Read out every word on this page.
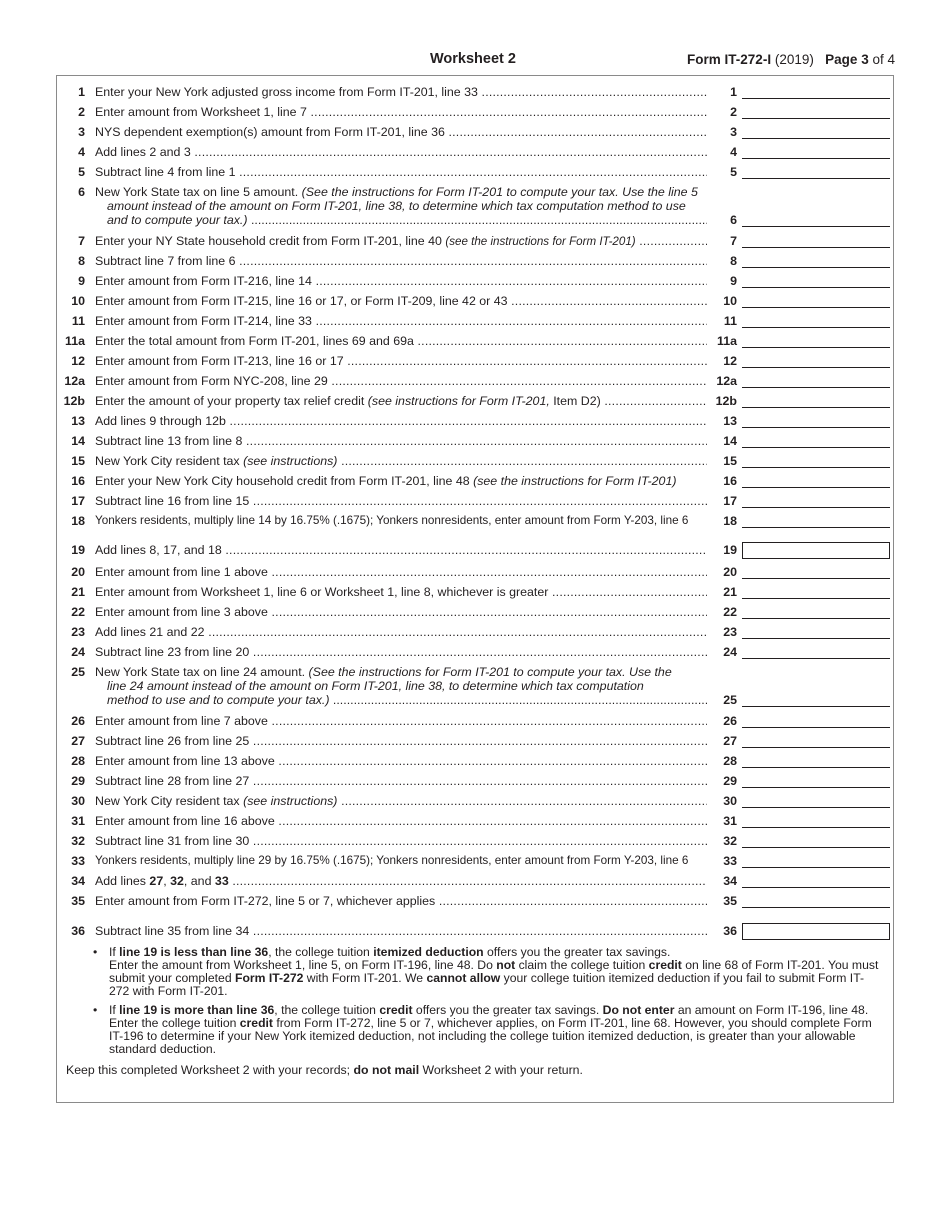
Worksheet 2	Form IT-272-I (2019) Page 3 of 4
1 Enter your New York adjusted gross income from Form IT-201, line 33 .....	1
2 Enter amount from Worksheet 1, line 7 .....	2
3 NYS dependent exemption(s) amount from Form IT-201, line 36 .....	3
4 Add lines 2 and 3 .....	4
5 Subtract line 4 from line 1 .....	5
6 New York State tax on line 5 amount. (See the instructions for Form IT-201 to compute your tax. Use the line 5
amount instead of the amount on Form IT-201, line 38, to determine which tax computation method to use
and to compute your tax.) .....	6
7 Enter your NY State household credit from Form IT-201, line 40 (see the instructions for Form IT-201) .....	7
8 Subtract line 7 from line 6 .....	8
9 Enter amount from Form IT-216, line 14 .....	9
10 Enter amount from Form IT-215, line 16 or 17, or Form IT-209, line 42 or 43 .....	10
11 Enter amount from Form IT-214, line 33 .....	11
11a Enter the total amount from Form IT-201, lines 69 and 69a .....	11a
12 Enter amount from Form IT-213, line 16 or 17 .....	12
12a Enter amount from Form NYC-208, line 29 .....	12a
12b Enter the amount of your property tax relief credit (see instructions for Form IT-201, Item D2) .....	12b
13 Add lines 9 through 12b .....	13
14 Subtract line 13 from line 8 .....	14
15 New York City resident tax (see instructions) .....	15
16 Enter your New York City household credit from Form IT-201, line 48 (see the instructions for Form IT-201)	16
17 Subtract line 16 from line 15 .....	17
18 Yonkers residents, multiply line 14 by 16.75% (.1675); Yonkers nonresidents, enter amount from Form Y-203, line 6	18
19 Add lines 8, 17, and 18 .....	19
20 Enter amount from line 1 above .....	20
21 Enter amount from Worksheet 1, line 6 or Worksheet 1, line 8, whichever is greater .....	21
22 Enter amount from line 3 above .....	22
23 Add lines 21 and 22 .....	23
24 Subtract line 23 from line 20 .....	24
25 New York State tax on line 24 amount. (See the instructions for Form IT-201 to compute your tax. Use the
line 24 amount instead of the amount on Form IT-201, line 38, to determine which tax computation
method to use and to compute your tax.) .....	25
26 Enter amount from line 7 above .....	26
27 Subtract line 26 from line 25 .....	27
28 Enter amount from line 13 above .....	28
29 Subtract line 28 from line 27 .....	29
30 New York City resident tax (see instructions) .....	30
31 Enter amount from line 16 above .....	31
32 Subtract line 31 from line 30 .....	32
33 Yonkers residents, multiply line 29 by 16.75% (.1675); Yonkers nonresidents, enter amount from Form Y-203, line 6	33
34 Add lines 27, 32, and 33 .....	34
35 Enter amount from Form IT-272, line 5 or 7, whichever applies .....	35
36 Subtract line 35 from line 34 .....	36
• If line 19 is less than line 36, the college tuition itemized deduction offers you the greater tax savings.
Enter the amount from Worksheet 1, line 5, on Form IT-196, line 48. Do not claim the college tuition credit on line 68 of Form IT-201. You must submit your completed Form IT-272 with Form IT-201. We cannot allow your college tuition itemized deduction if you fail to submit Form IT-272 with Form IT-201.
• If line 19 is more than line 36, the college tuition credit offers you the greater tax savings. Do not enter an amount on Form IT-196, line 48. Enter the college tuition credit from Form IT-272, line 5 or 7, whichever applies, on Form IT-201, line 68. However, you should complete Form IT-196 to determine if your New York itemized deduction, not including the college tuition itemized deduction, is greater than your allowable standard deduction.
Keep this completed Worksheet 2 with your records; do not mail Worksheet 2 with your return.
